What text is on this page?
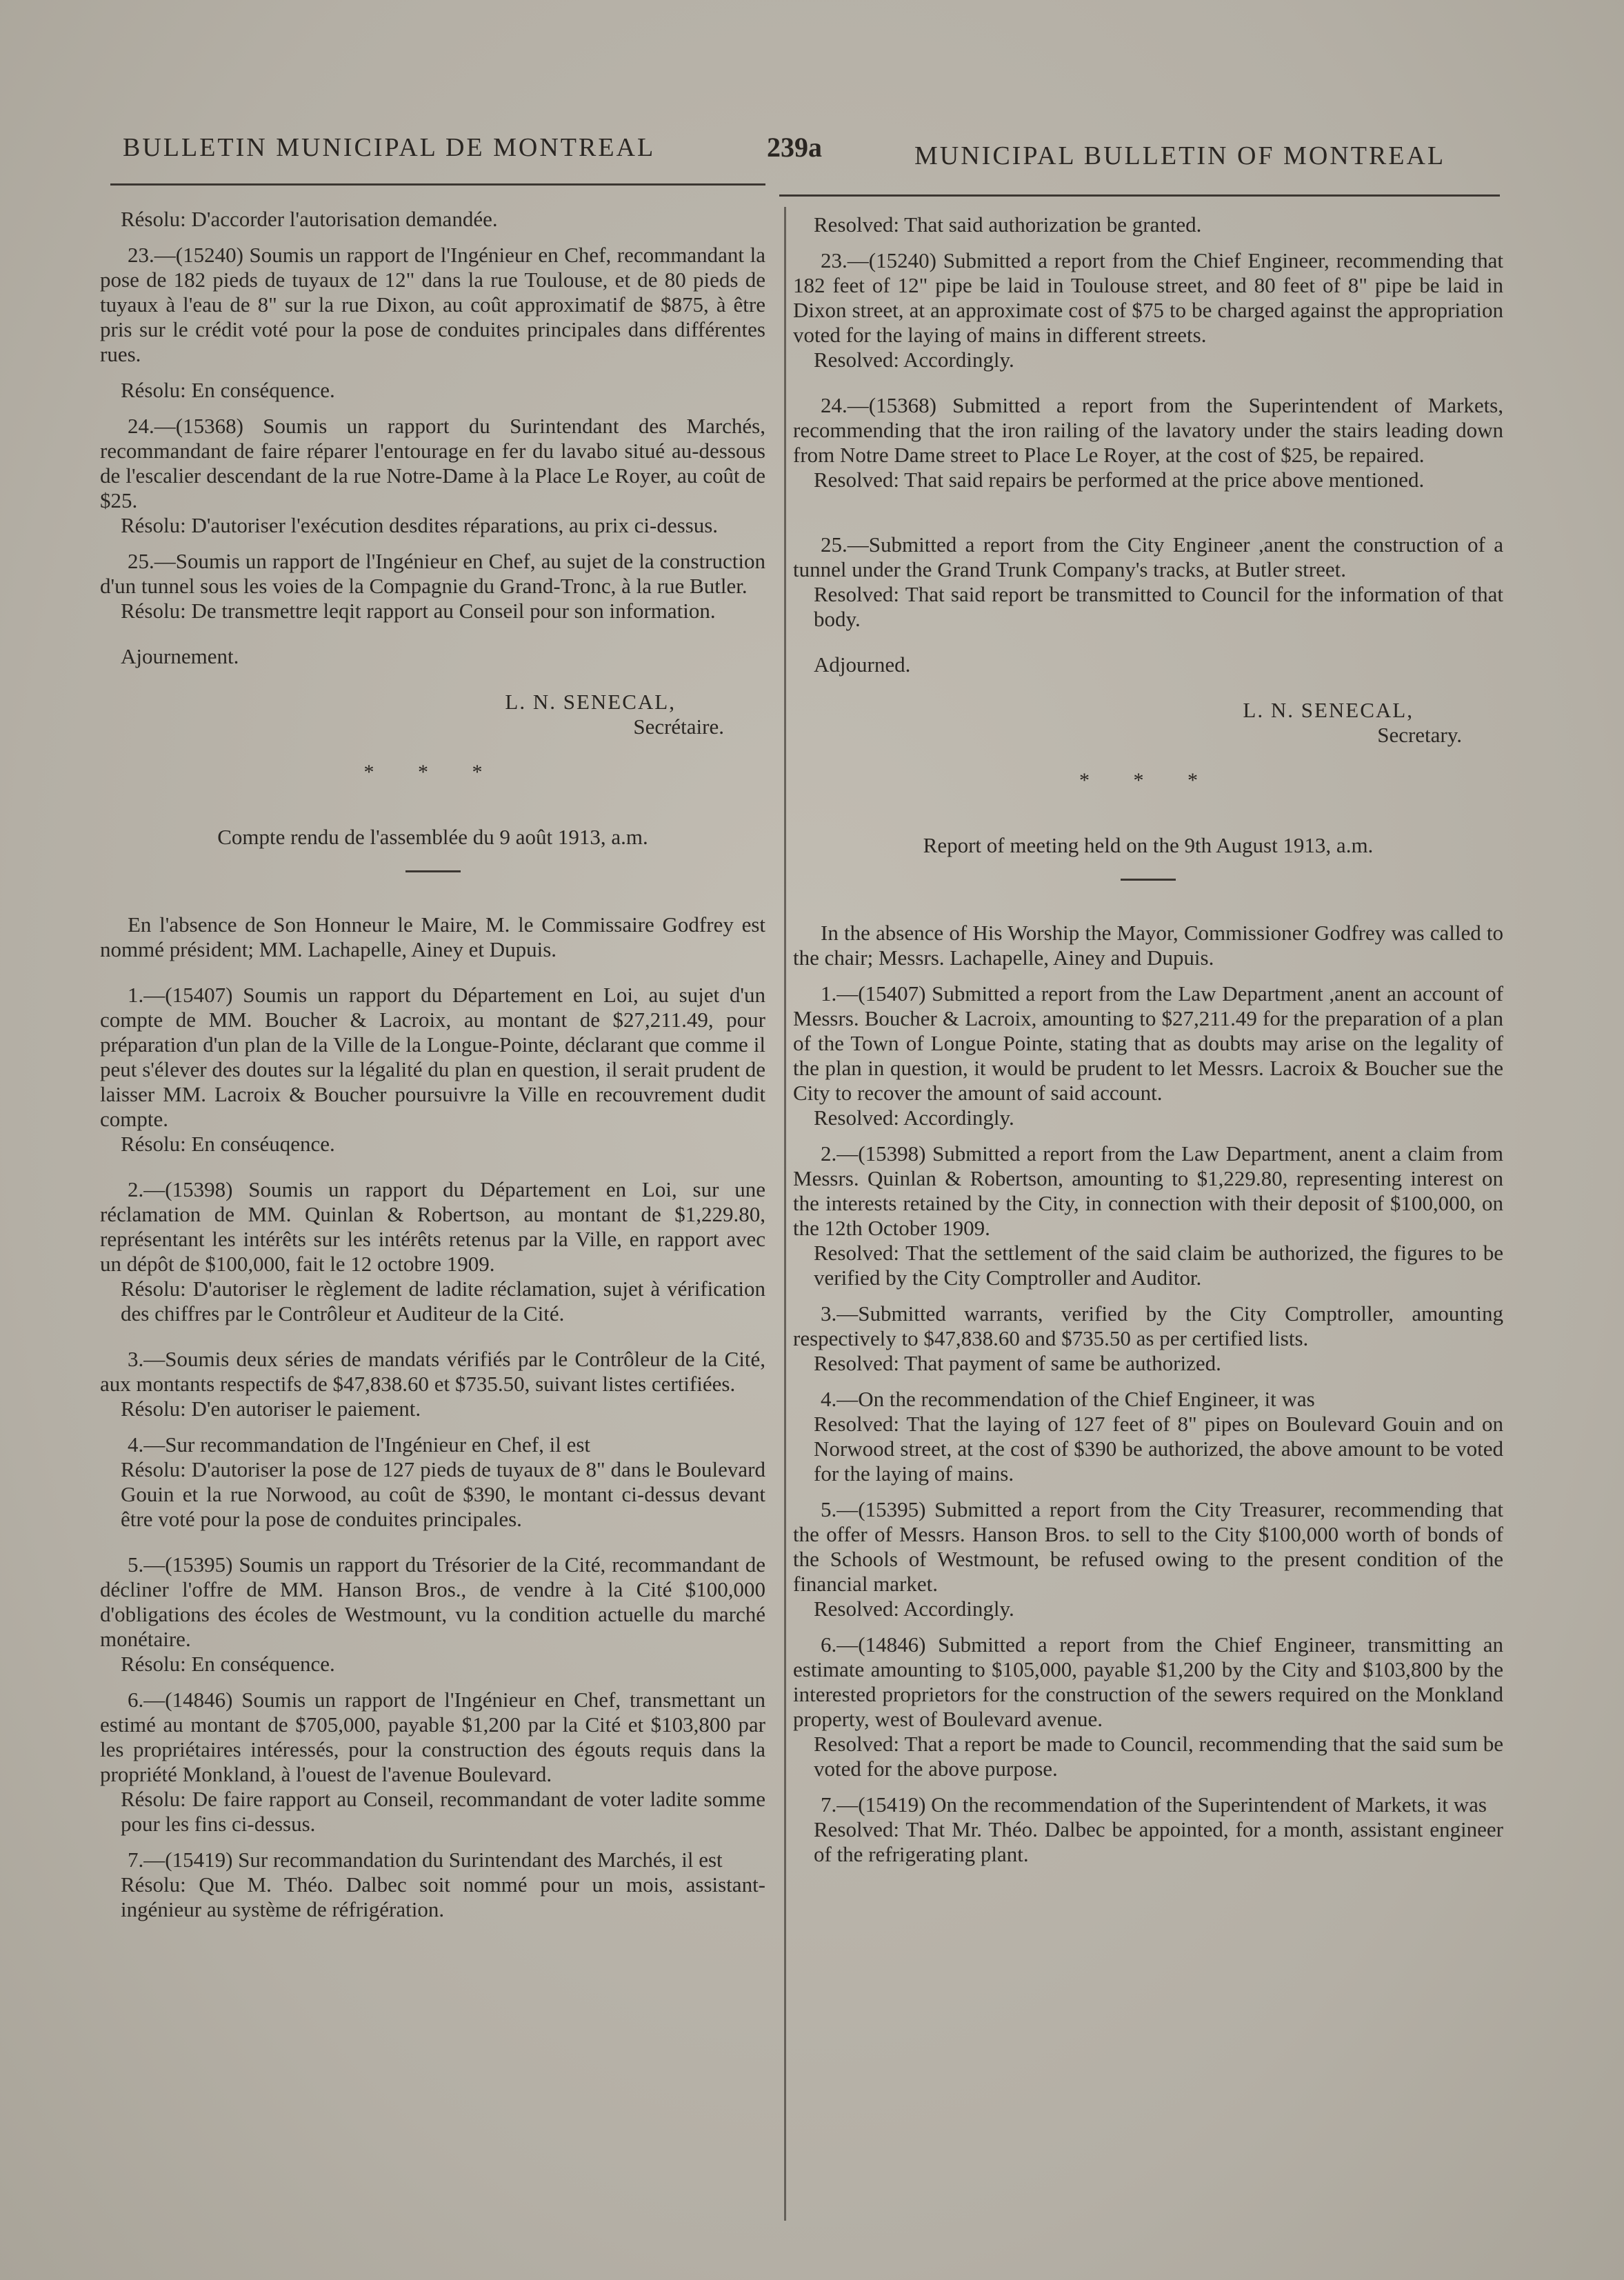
BULLETIN MUNICIPAL DE MONTREAL	239a	MUNICIPAL BULLETIN OF MONTREAL

Résolu: D'accorder l'autorisation demandée.

23.—(15240) Soumis un rapport de l'Ingénieur en Chef, recommandant la pose de 182 pieds de tuyaux de 12" dans la rue Toulouse, et de 80 pieds de tuyaux à l'eau de 8" sur la rue Dixon, au coût approximatif de $875, à être pris sur le crédit voté pour la pose de conduites principales dans différentes rues.

Résolu: En conséquence.

24.—(15368) Soumis un rapport du Surintendant des Marchés, recommandant de faire réparer l'entourage en fer du lavabo situé au-dessous de l'escalier descendant de la rue Notre-Dame à la Place Le Royer, au coût de $25.

Résolu: D'autoriser l'exécution desdites réparations, au prix ci-dessus.

25.—Soumis un rapport de l'Ingénieur en Chef, au sujet de la construction d'un tunnel sous les voies de la Compagnie du Grand-Tronc, à la rue Butler.

Résolu: De transmettre leqit rapport au Conseil pour son information.

Ajournement.

L. N. SENECAL,

Secrétaire.

* * *

Compte rendu de l'assemblée du 9 août 1913, a.m.

En l'absence de Son Honneur le Maire, M. le Commissaire Godfrey est nommé président; MM. Lachapelle, Ainey et Dupuis.

1.—(15407) Soumis un rapport du Département en Loi, au sujet d'un compte de MM. Boucher & Lacroix, au montant de $27,211.49, pour préparation d'un plan de la Ville de la Longue-Pointe, déclarant que comme il peut s'élever des doutes sur la légalité du plan en question, il serait prudent de laisser MM. Lacroix & Boucher poursuivre la Ville en recouvrement dudit compte.

Résolu: En conséuqence.

2.—(15398) Soumis un rapport du Département en Loi, sur une réclamation de MM. Quinlan & Robertson, au montant de $1,229.80, représentant les intérêts sur les intérêts retenus par la Ville, en rapport avec un dépôt de $100,000, fait le 12 octobre 1909.

Résolu: D'autoriser le règlement de ladite réclamation, sujet à vérification des chiffres par le Contrôleur et Auditeur de la Cité.

3.—Soumis deux séries de mandats vérifiés par le Contrôleur de la Cité, aux montants respectifs de $47,838.60 et $735.50, suivant listes certifiées.

Résolu: D'en autoriser le paiement.

4.—Sur recommandation de l'Ingénieur en Chef, il est

Résolu: D'autoriser la pose de 127 pieds de tuyaux de 8" dans le Boulevard Gouin et la rue Norwood, au coût de $390, le montant ci-dessus devant être voté pour la pose de conduites principales.

5.—(15395) Soumis un rapport du Trésorier de la Cité, recommandant de décliner l'offre de MM. Hanson Bros., de vendre à la Cité $100,000 d'obligations des écoles de Westmount, vu la condition actuelle du marché monétaire.

Résolu: En conséquence.

6.—(14846) Soumis un rapport de l'Ingénieur en Chef, transmettant un estimé au montant de $705,000, payable $1,200 par la Cité et $103,800 par les propriétaires intéressés, pour la construction des égouts requis dans la propriété Monkland, à l'ouest de l'avenue Boulevard.

Résolu: De faire rapport au Conseil, recommandant de voter ladite somme pour les fins ci-dessus.

7.—(15419) Sur recommandation du Surintendant des Marchés, il est

Résolu: Que M. Théo. Dalbec soit nommé pour un mois, assistant-ingénieur au système de réfrigération.

Resolved: That said authorization be granted.

23.—(15240) Submitted a report from the Chief Engineer, recommending that 182 feet of 12" pipe be laid in Toulouse street, and 80 feet of 8" pipe be laid in Dixon street, at an approximate cost of $75 to be charged against the appropriation voted for the laying of mains in different streets.

Resolved: Accordingly.

24.—(15368) Submitted a report from the Superintendent of Markets, recommending that the iron railing of the lavatory under the stairs leading down from Notre Dame street to Place Le Royer, at the cost of $25, be repaired.

Resolved: That said repairs be performed at the price above mentioned.

25.—Submitted a report from the City Engineer ,anent the construction of a tunnel under the Grand Trunk Company's tracks, at Butler street.

Resolved: That said report be transmitted to Council for the information of that body.

Adjourned.

L. N. SENECAL,

Secretary.

* * *

Report of meeting held on the 9th August 1913, a.m.

In the absence of His Worship the Mayor, Commissioner Godfrey was called to the chair; Messrs. Lachapelle, Ainey and Dupuis.

1.—(15407) Submitted a report from the Law Department ,anent an account of Messrs. Boucher & Lacroix, amounting to $27,211.49 for the preparation of a plan of the Town of Longue Pointe, stating that as doubts may arise on the legality of the plan in question, it would be prudent to let Messrs. Lacroix & Boucher sue the City to recover the amount of said account.

Resolved: Accordingly.

2.—(15398) Submitted a report from the Law Department, anent a claim from Messrs. Quinlan & Robertson, amounting to $1,229.80, representing interest on the interests retained by the City, in connection with their deposit of $100,000, on the 12th October 1909.

Resolved: That the settlement of the said claim be authorized, the figures to be verified by the City Comptroller and Auditor.

3.—Submitted warrants, verified by the City Comptroller, amounting respectively to $47,838.60 and $735.50 as per certified lists.

Resolved: That payment of same be authorized.

4.—On the recommendation of the Chief Engineer, it was

Resolved: That the laying of 127 feet of 8" pipes on Boulevard Gouin and on Norwood street, at the cost of $390 be authorized, the above amount to be voted for the laying of mains.

5.—(15395) Submitted a report from the City Treasurer, recommending that the offer of Messrs. Hanson Bros. to sell to the City $100,000 worth of bonds of the Schools of Westmount, be refused owing to the present condition of the financial market.

Resolved: Accordingly.

6.—(14846) Submitted a report from the Chief Engineer, transmitting an estimate amounting to $105,000, payable $1,200 by the City and $103,800 by the interested proprietors for the construction of the sewers required on the Monkland property, west of Boulevard avenue.

Resolved: That a report be made to Council, recommending that the said sum be voted for the above purpose.

7.—(15419) On the recommendation of the Superintendent of Markets, it was

Resolved: That Mr. Théo. Dalbec be appointed, for a month, assistant engineer of the refrigerating plant.
